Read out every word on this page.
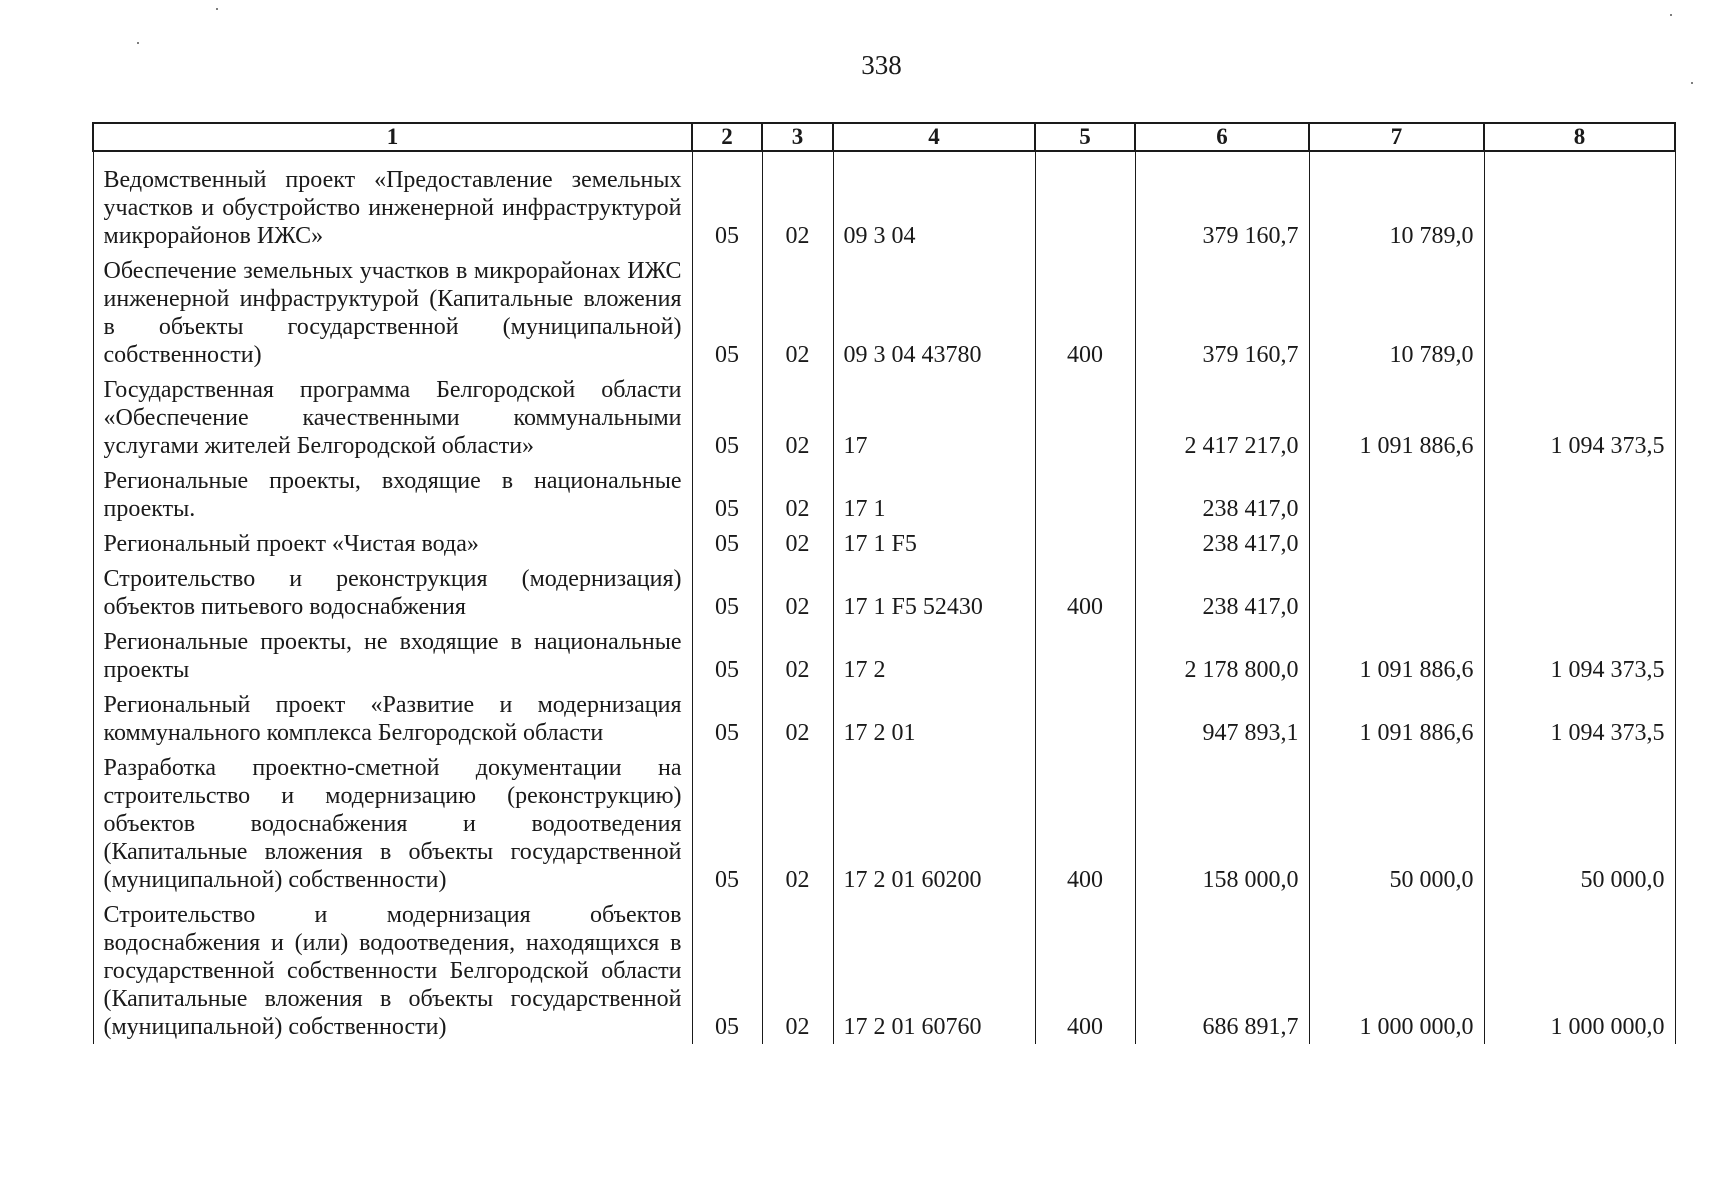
338
1	2	3	4	5	6	7	8
Ведомственный проект «Предоставление земельных участков и обустройство инженерной инфраструктурой микрорайонов ИЖС»	05	02	09 3 04		379 160,7	10 789,0	
Обеспечение земельных участков в микрорайонах ИЖС инженерной инфраструктурой (Капитальные вложения в объекты государственной (муниципальной) собственности)	05	02	09 3 04 43780	400	379 160,7	10 789,0	
Государственная программа Белгородской области «Обеспечение качественными коммунальными услугами жителей Белгородской области»	05	02	17		2 417 217,0	1 091 886,6	1 094 373,5
Региональные проекты, входящие в национальные проекты.	05	02	17 1		238 417,0		
Региональный проект «Чистая вода»	05	02	17 1 F5		238 417,0		
Строительство и реконструкция (модернизация) объектов питьевого водоснабжения	05	02	17 1 F5 52430	400	238 417,0		
Региональные проекты, не входящие в национальные проекты	05	02	17 2		2 178 800,0	1 091 886,6	1 094 373,5
Региональный проект «Развитие и модернизация коммунального комплекса Белгородской области	05	02	17 2 01		947 893,1	1 091 886,6	1 094 373,5
Разработка проектно-сметной документации на строительство и модернизацию (реконструкцию) объектов водоснабжения и водоотведения (Капитальные вложения в объекты государственной (муниципальной) собственности)	05	02	17 2 01 60200	400	158 000,0	50 000,0	50 000,0
Строительство и модернизация объектов водоснабжения и (или) водоотведения, находящихся в государственной собственности Белгородской области (Капитальные вложения в объекты государственной (муниципальной) собственности)	05	02	17 2 01 60760	400	686 891,7	1 000 000,0	1 000 000,0
